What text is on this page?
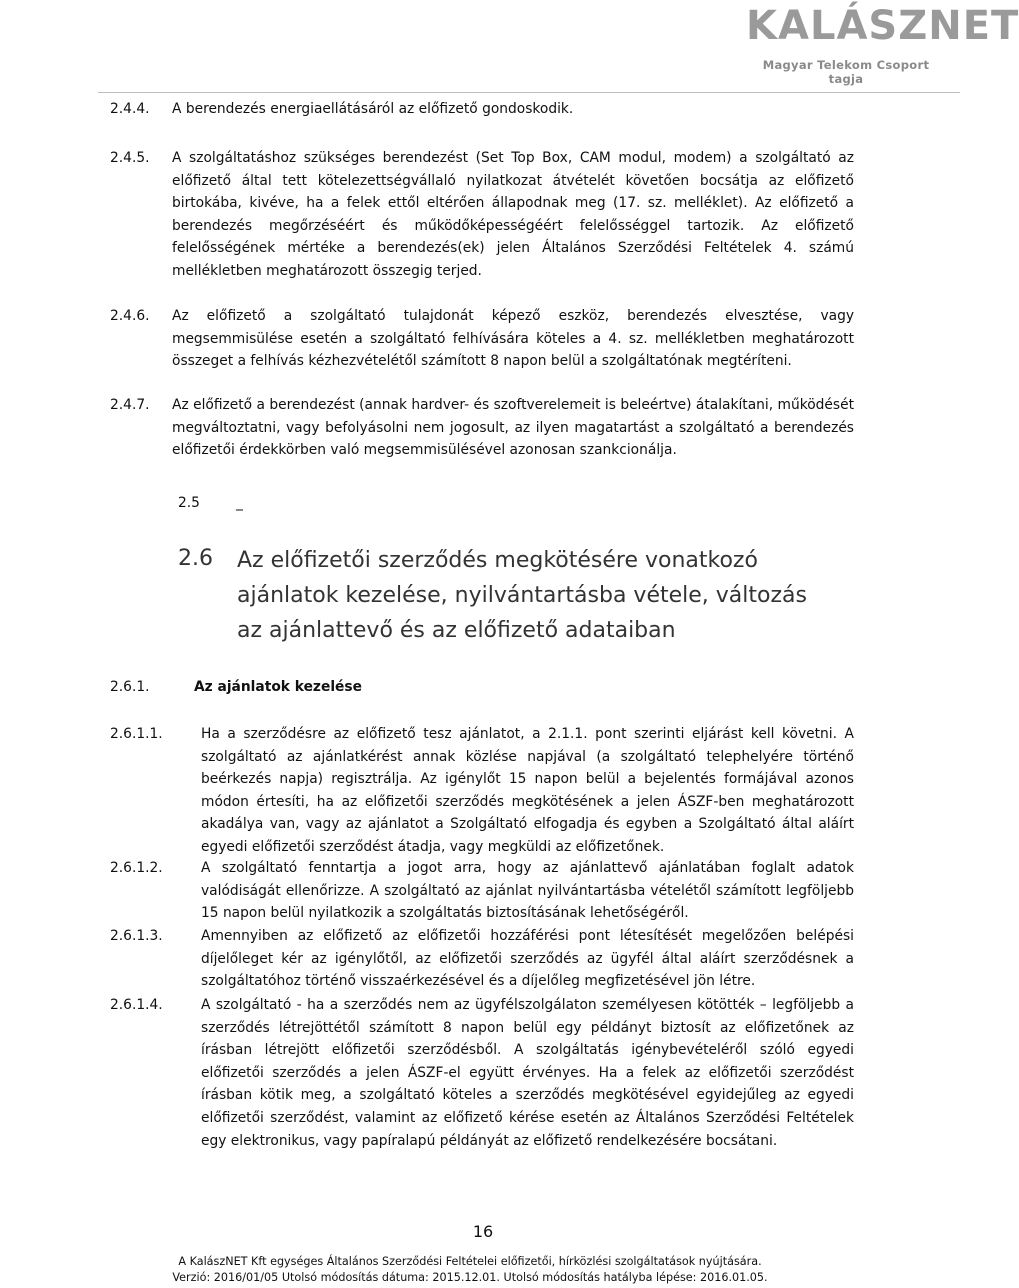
KALÁSZNET
Magyar Telekom Csoport tagja
2.4.4. A berendezés energiaellátásáról az előfizető gondoskodik.
2.4.5. A szolgáltatáshoz szükséges berendezést (Set Top Box, CAM modul, modem) a szolgáltató az előfizető által tett kötelezettségvállaló nyilatkozat átvételét követően bocsátja az előfizető birtokába, kivéve, ha a felek ettől eltérően állapodnak meg (17. sz. melléklet). Az előfizető a berendezés megőrzéséért és működőképességéért felelősséggel tartozik. Az előfizető felelősségének mértéke a berendezés(ek) jelen Általános Szerződési Feltételek 4. számú mellékletben meghatározott összegig terjed.
2.4.6. Az előfizető a szolgáltató tulajdonát képező eszköz, berendezés elvesztése, vagy megsemmisülése esetén a szolgáltató felhívására köteles a 4. sz. mellékletben meghatározott összeget a felhívás kézhezvételétől számított 8 napon belül a szolgáltatónak megtéríteni.
2.4.7. Az előfizető a berendezést (annak hardver- és szoftverelemeit is beleértve) átalakítani, működését megváltoztatni, vagy befolyásolni nem jogosult, az ilyen magatartást a szolgáltató a berendezés előfizetői érdekkörben való megsemmisülésével azonosan szankcionálja.
2.5	_
2.6 Az előfizetői szerződés megkötésére vonatkozó ajánlatok kezelése, nyilvántartásba vétele, változás az ajánlattevő és az előfizető adataiban
2.6.1.	Az ajánlatok kezelése
2.6.1.1.	Ha a szerződésre az előfizető tesz ajánlatot, a 2.1.1. pont szerinti eljárást kell követni. A szolgáltató az ajánlatkérést annak közlése napjával (a szolgáltató telephelyére történő beérkezés napja) regisztrálja. Az igénylőt 15 napon belül a bejelentés formájával azonos módon értesíti, ha az előfizetői szerződés megkötésének a jelen ÁSZF-ben meghatározott akadálya van, vagy az ajánlatot a Szolgáltató elfogadja és egyben a Szolgáltató által aláírt egyedi előfizetői szerződést átadja, vagy megküldi az előfizetőnek.
2.6.1.2.	A szolgáltató fenntartja a jogot arra, hogy az ajánlattevő ajánlatában foglalt adatok valódiságát ellenőrizze. A szolgáltató az ajánlat nyilvántartásba vételétől számított legföljebb 15 napon belül nyilatkozik a szolgáltatás biztosításának lehetőségéről.
2.6.1.3.	Amennyiben az előfizető az előfizetői hozzáférési pont létesítését megelőzően belépési díjelőleget kér az igénylőtől, az előfizetői szerződés az ügyfél által aláírt szerződésnek a szolgáltatóhoz történő visszaérkezésével és a díjelőleg megfizetésével jön létre.
2.6.1.4.	A szolgáltató - ha a szerződés nem az ügyfélszolgálaton személyesen kötötték – legföljebb a szerződés létrejöttétől számított 8 napon belül egy példányt biztosít az előfizetőnek az írásban létrejött előfizetői szerződésből. A szolgáltatás igénybevételéről szóló egyedi előfizetői szerződés a jelen ÁSZF-el együtt érvényes. Ha a felek az előfizetői szerződést írásban kötik meg, a szolgáltató köteles a szerződés megkötésével egyidejűleg az egyedi előfizetői szerződést, valamint az előfizető kérése esetén az Általános Szerződési Feltételek egy elektronikus, vagy papíralapú példányát az előfizető rendelkezésére bocsátani.
16
A KalászNET Kft egységes Általános Szerződési Feltételei előfizetői, hírközlési szolgáltatások nyújtására.
Verzió: 2016/01/05 Utolsó módosítás dátuma: 2015.12.01. Utolsó módosítás hatályba lépése: 2016.01.05.
